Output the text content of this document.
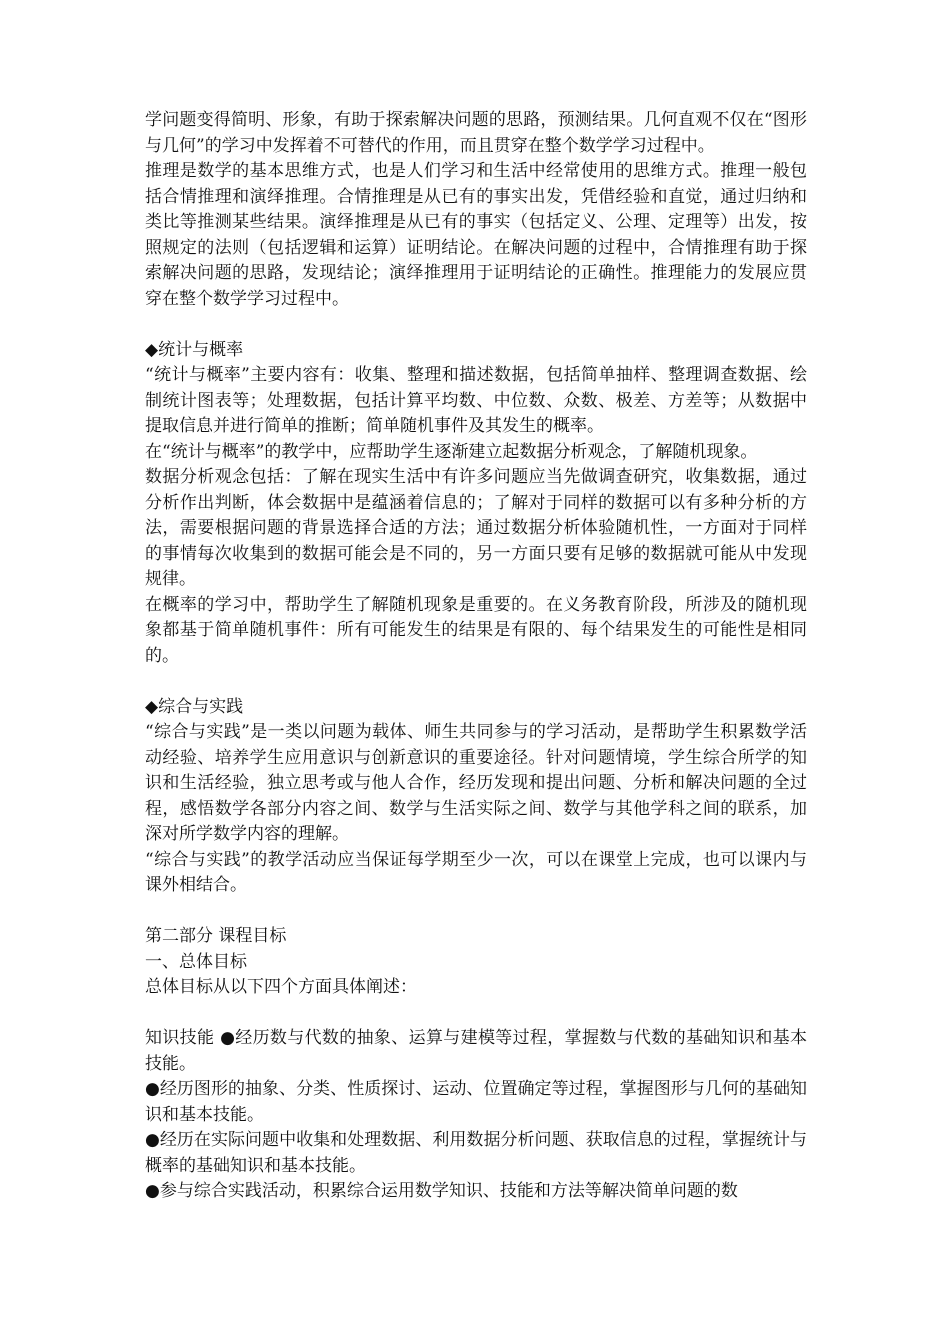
学问题变得简明、形象，有助于探索解决问题的思路，预测结果。几何直观不仅在“图形与几何”的学习中发挥着不可替代的作用，而且贯穿在整个数学学习过程中。

推理是数学的基本思维方式，也是人们学习和生活中经常使用的思维方式。推理一般包括合情推理和演绎推理。合情推理是从已有的事实出发，凭借经验和直觉，通过归纳和类比等推测某些结果。演绎推理是从已有的事实（包括定义、公理、定理等）出发，按照规定的法则（包括逻辑和运算）证明结论。在解决问题的过程中，合情推理有助于探索解决问题的思路，发现结论；演绎推理用于证明结论的正确性。推理能力的发展应贯穿在整个数学学习过程中。

◆统计与概率

“统计与概率”主要内容有：收集、整理和描述数据，包括简单抽样、整理调查数据、绘制统计图表等；处理数据，包括计算平均数、中位数、众数、极差、方差等；从数据中提取信息并进行简单的推断；简单随机事件及其发生的概率。

在“统计与概率”的教学中，应帮助学生逐渐建立起数据分析观念，了解随机现象。

数据分析观念包括：了解在现实生活中有许多问题应当先做调查研究，收集数据，通过分析作出判断，体会数据中是蕴涵着信息的；了解对于同样的数据可以有多种分析的方法，需要根据问题的背景选择合适的方法；通过数据分析体验随机性，一方面对于同样的事情每次收集到的数据可能会是不同的，另一方面只要有足够的数据就可能从中发现规律。

在概率的学习中，帮助学生了解随机现象是重要的。在义务教育阶段，所涉及的随机现象都基于简单随机事件：所有可能发生的结果是有限的、每个结果发生的可能性是相同的。

◆综合与实践

“综合与实践”是一类以问题为载体、师生共同参与的学习活动，是帮助学生积累数学活动经验、培养学生应用意识与创新意识的重要途径。针对问题情境，学生综合所学的知识和生活经验，独立思考或与他人合作，经历发现和提出问题、分析和解决问题的全过程，感悟数学各部分内容之间、数学与生活实际之间、数学与其他学科之间的联系，加深对所学数学内容的理解。

“综合与实践”的教学活动应当保证每学期至少一次，可以在课堂上完成，也可以课内与课外相结合。

第二部分 课程目标

一、总体目标

总体目标从以下四个方面具体阐述：

知识技能 ●经历数与代数的抽象、运算与建模等过程，掌握数与代数的基础知识和基本技能。

●经历图形的抽象、分类、性质探讨、运动、位置确定等过程，掌握图形与几何的基础知识和基本技能。

●经历在实际问题中收集和处理数据、利用数据分析问题、获取信息的过程，掌握统计与概率的基础知识和基本技能。

●参与综合实践活动，积累综合运用数学知识、技能和方法等解决简单问题的数
